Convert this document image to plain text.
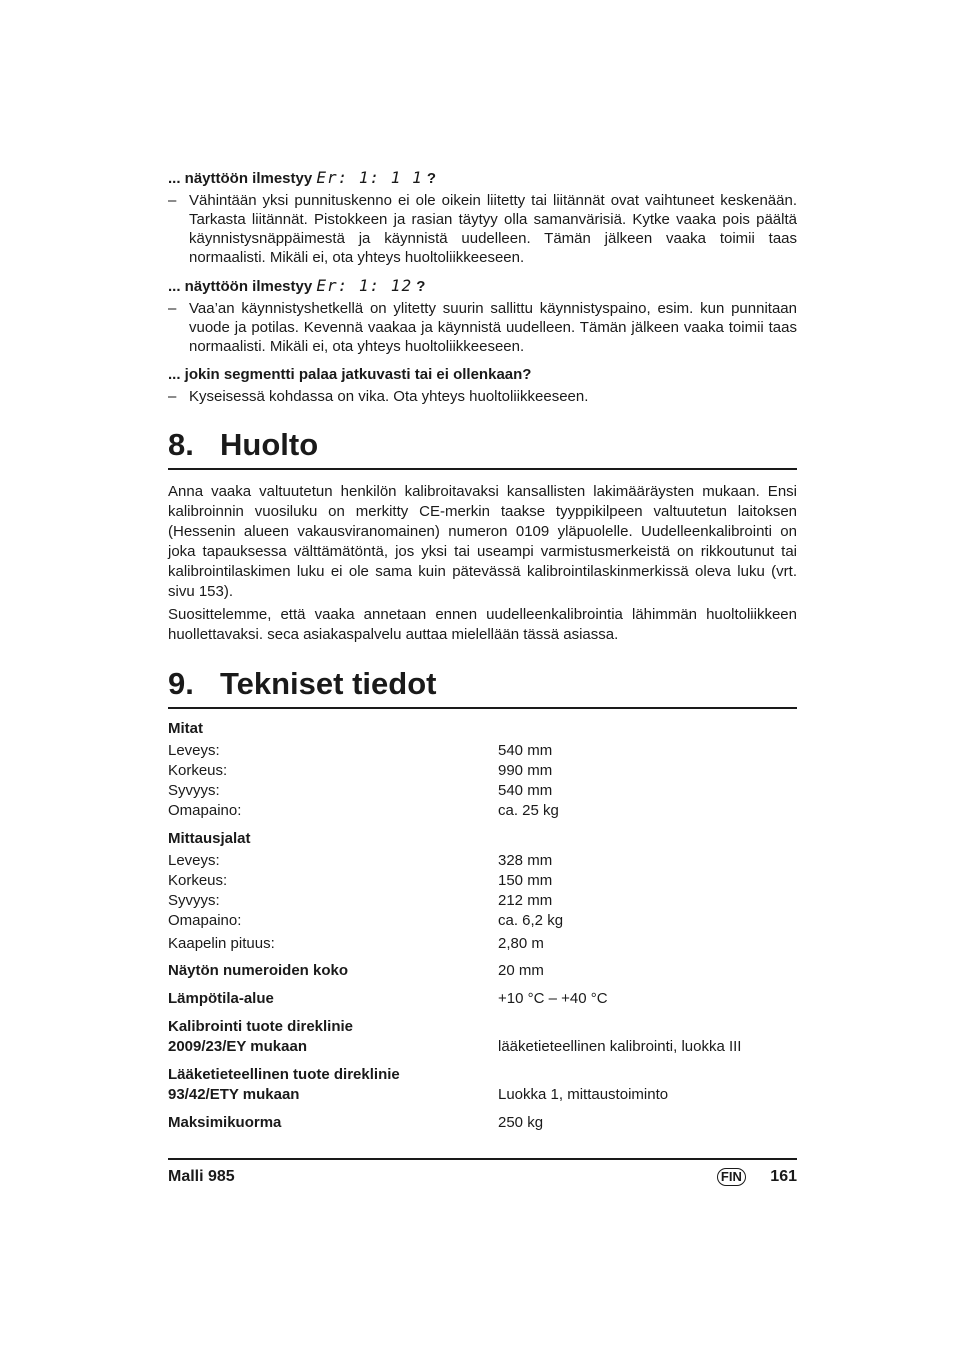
... näyttöön ilmestyy Er: 1: 1 1 ?

– Vähintään yksi punnituskenno ei ole oikein liitetty tai liitännät ovat vaihtuneet keskenään. Tarkasta liitännät. Pistokkeen ja rasian täytyy olla samanvärisiä. Kytke vaaka pois päältä käynnistysnäppäimestä ja käynnistä uudelleen. Tämän jälkeen vaaka toimii taas normaalisti. Mikäli ei, ota yhteys huoltoliikkeeseen.

... näyttöön ilmestyy Er: 1: 12 ?

– Vaa’an käynnistyshetkellä on ylitetty suurin sallittu käynnistyspaino, esim. kun punnitaan vuode ja potilas. Kevennä vaakaa ja käynnistä uudelleen. Tämän jälkeen vaaka toimii taas normaalisti. Mikäli ei, ota yhteys huoltoliikkeeseen.

... jokin segmentti palaa jatkuvasti tai ei ollenkaan?

– Kyseisessä kohdassa on vika. Ota yhteys huoltoliikkeeseen.
8. Huolto

Anna vaaka valtuutetun henkilön kalibroitavaksi kansallisten lakimääräysten mukaan. Ensi kalibroinnin vuosiluku on merkitty CE-merkin taakse tyyppikilpeen valtuutetun laitoksen (Hessenin alueen vakausviranomainen) numeron 0109 yläpuolelle. Uudelleenkalibrointi on joka tapauksessa välttämätöntä, jos yksi tai useampi varmistusmerkeistä on rikkoutunut tai kalibrointilaskimen luku ei ole sama kuin pätevässä kalibrointilaskinmerkissä oleva luku (vrt. sivu 153).

Suosittelemme, että vaaka annetaan ennen uudelleenkalibrointia lähimmän huoltoliikkeen huollettavaksi. seca asiakaspalvelu auttaa mielellään tässä asiassa.

9. Tekniset tiedot
Mitat
Leveys:	540 mm
Korkeus:	990 mm
Syvyys:	540 mm
Omapaino:	ca. 25 kg
Mittausjalat
Leveys:	328 mm
Korkeus:	150 mm
Syvyys:	212 mm
Omapaino:	ca. 6,2 kg
Kaapelin pituus:	2,80 m
Näytön numeroiden koko	20 mm
Lämpötila-alue	+10 °C – +40 °C
Kalibrointi tuote direklinie
2009/23/EY mukaan	lääketieteellinen kalibrointi, luokka III
Lääketieteellinen tuote direklinie
93/42/ETY mukaan	Luokka 1, mittaustoiminto
Maksimikuorma	250 kg
Malli 985	FIN 161
